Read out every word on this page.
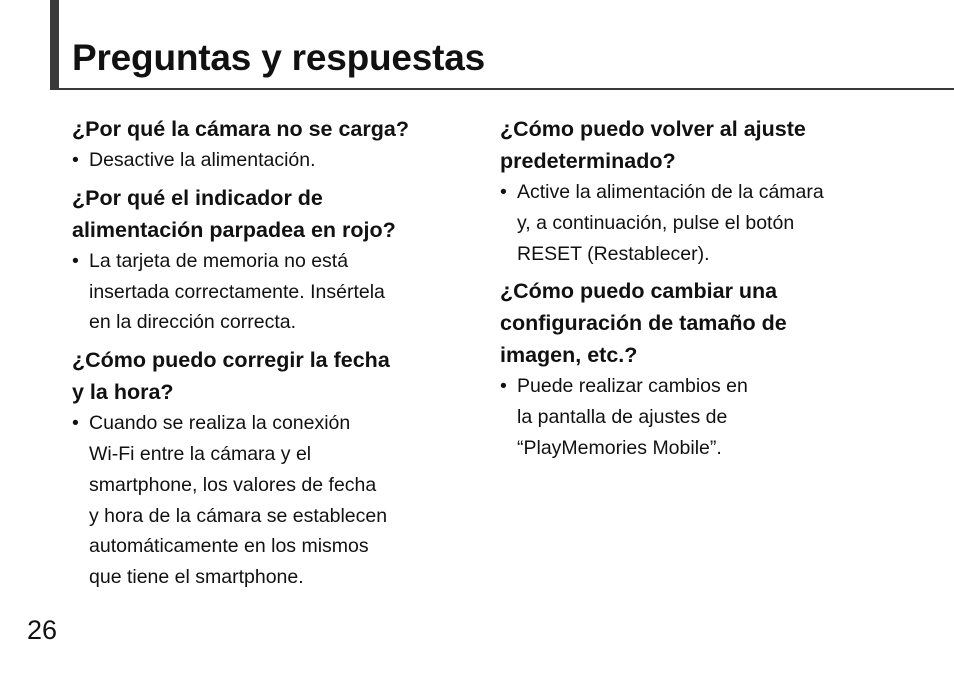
Preguntas y respuestas
¿Por qué la cámara no se carga?
• Desactive la alimentación.
¿Por qué el indicador de
alimentación parpadea en rojo?
• La tarjeta de memoria no está
insertada correctamente. Insértela
en la dirección correcta.
¿Cómo puedo corregir la fecha
y la hora?
• Cuando se realiza la conexión
Wi-Fi entre la cámara y el
smartphone, los valores de fecha
y hora de la cámara se establecen
automáticamente en los mismos
que tiene el smartphone.
¿Cómo puedo volver al ajuste
predeterminado?
• Active la alimentación de la cámara
y, a continuación, pulse el botón
RESET (Restablecer).
¿Cómo puedo cambiar una
configuración de tamaño de
imagen, etc.?
• Puede realizar cambios en
la pantalla de ajustes de
“PlayMemories Mobile”.
26
